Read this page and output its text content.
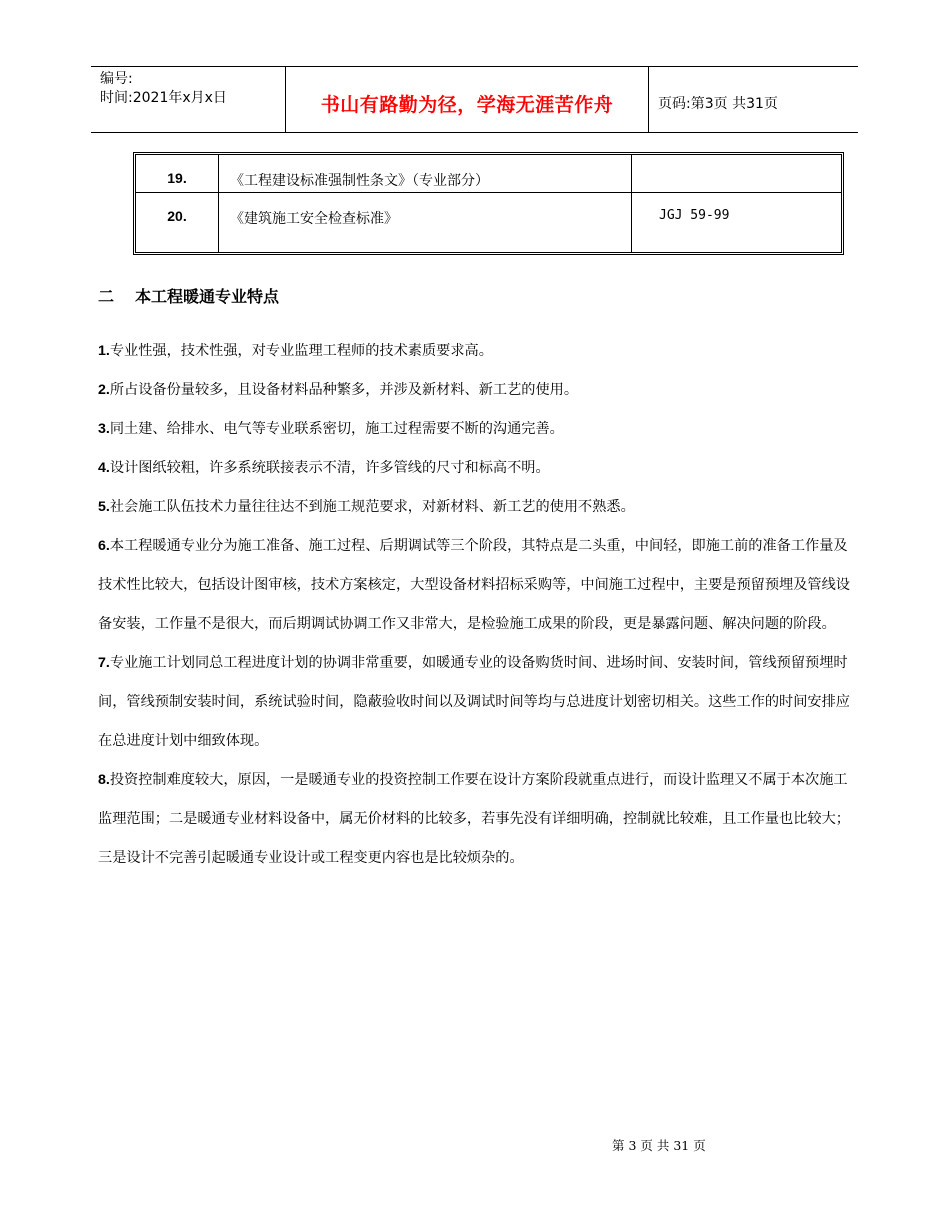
编号:
时间:2021年x月x日	书山有路勤为径，学海无涯苦作舟	页码:第3页 共31页
19.	《工程建设标准强制性条文》（专业部分）	
20.	《建筑施工安全检查标准》	JGJ 59-99
二 本工程暖通专业特点

1.专业性强，技术性强，对专业监理工程师的技术素质要求高。

2.所占设备份量较多，且设备材料品种繁多，并涉及新材料、新工艺的使用。

3.同土建、给排水、电气等专业联系密切，施工过程需要不断的沟通完善。

4.设计图纸较粗，许多系统联接表示不清，许多管线的尺寸和标高不明。

5.社会施工队伍技术力量往往达不到施工规范要求，对新材料、新工艺的使用不熟悉。

6.本工程暖通专业分为施工准备、施工过程、后期调试等三个阶段，其特点是二头重，中间轻，即施工前的准备工作量及技术性比较大，包括设计图审核，技术方案核定，大型设备材料招标采购等，中间施工过程中，主要是预留预埋及管线设备安装，工作量不是很大，而后期调试协调工作又非常大，是检验施工成果的阶段，更是暴露问题、解决问题的阶段。

7.专业施工计划同总工程进度计划的协调非常重要，如暖通专业的设备购货时间、进场时间、安装时间，管线预留预埋时间，管线预制安装时间，系统试验时间，隐蔽验收时间以及调试时间等均与总进度计划密切相关。这些工作的时间安排应在总进度计划中细致体现。

8.投资控制难度较大，原因，一是暖通专业的投资控制工作要在设计方案阶段就重点进行，而设计监理又不属于本次施工监理范围；二是暖通专业材料设备中，属无价材料的比较多，若事先没有详细明确，控制就比较难，且工作量也比较大；三是设计不完善引起暖通专业设计或工程变更内容也是比较烦杂的。

第 3 页 共 31 页
